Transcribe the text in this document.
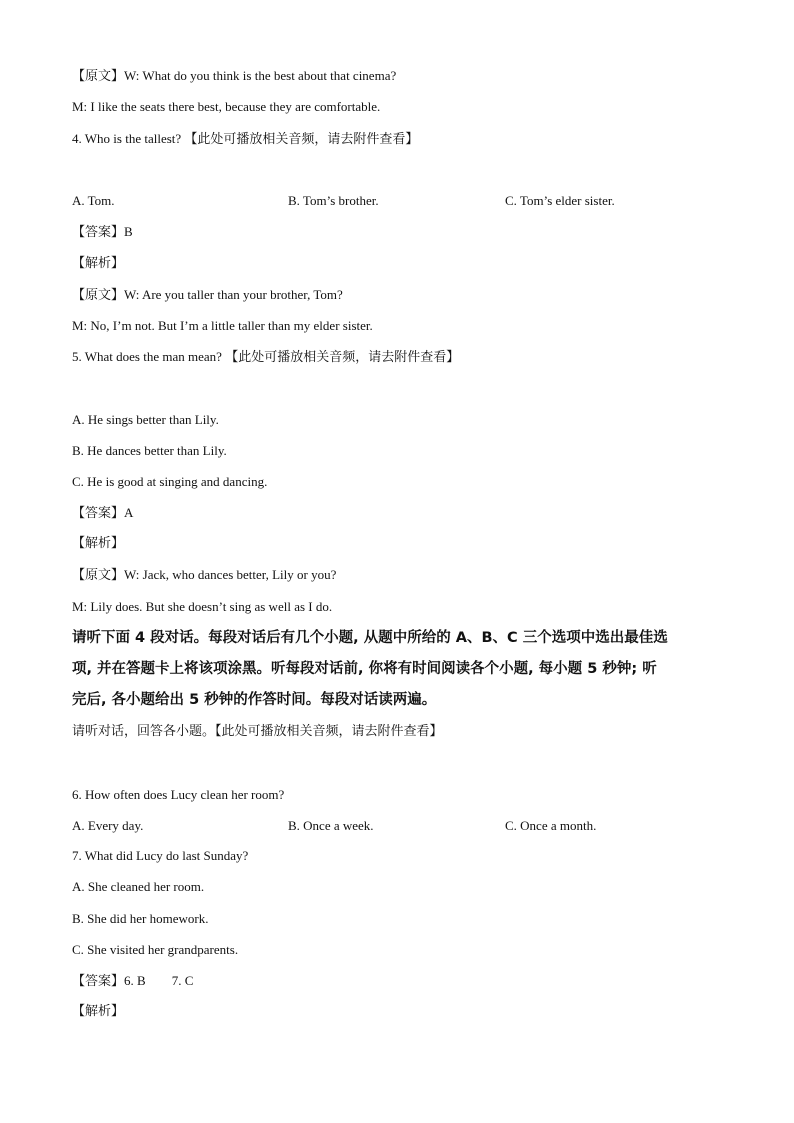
【原文】W: What do you think is the best about that cinema?
M: I like the seats there best, because they are comfortable.
4. Who is the tallest? 【此处可播放相关音频，请去附件查看】
A. Tom.	B. Tom’s brother.	C. Tom’s elder sister.
【答案】B
【解析】
【原文】W: Are you taller than your brother, Tom?
M: No, I’m not. But I’m a little taller than my elder sister.
5. What does the man mean? 【此处可播放相关音频，请去附件查看】
A. He sings better than Lily.
B. He dances better than Lily.
C. He is good at singing and dancing.
【答案】A
【解析】
【原文】W: Jack, who dances better, Lily or you?
M: Lily does. But she doesn’t sing as well as I do.
请听下面 4 段对话。每段对话后有几个小题, 从题中所给的 A、B、C 三个选项中选出最佳选
项, 并在答题卡上将该项涂黑。听每段对话前, 你将有时间阅读各个小题, 每小题 5 秒钟; 听
完后, 各小题给出 5 秒钟的作答时间。每段对话读两遍。
请听对话，回答各小题。【此处可播放相关音频，请去附件查看】
6. How often does Lucy clean her room?
A. Every day.	B. Once a week.	C. Once a month.
7. What did Lucy do last Sunday?
A. She cleaned her room.
B. She did her homework.
C. She visited her grandparents.
【答案】6. B 7. C
【解析】
